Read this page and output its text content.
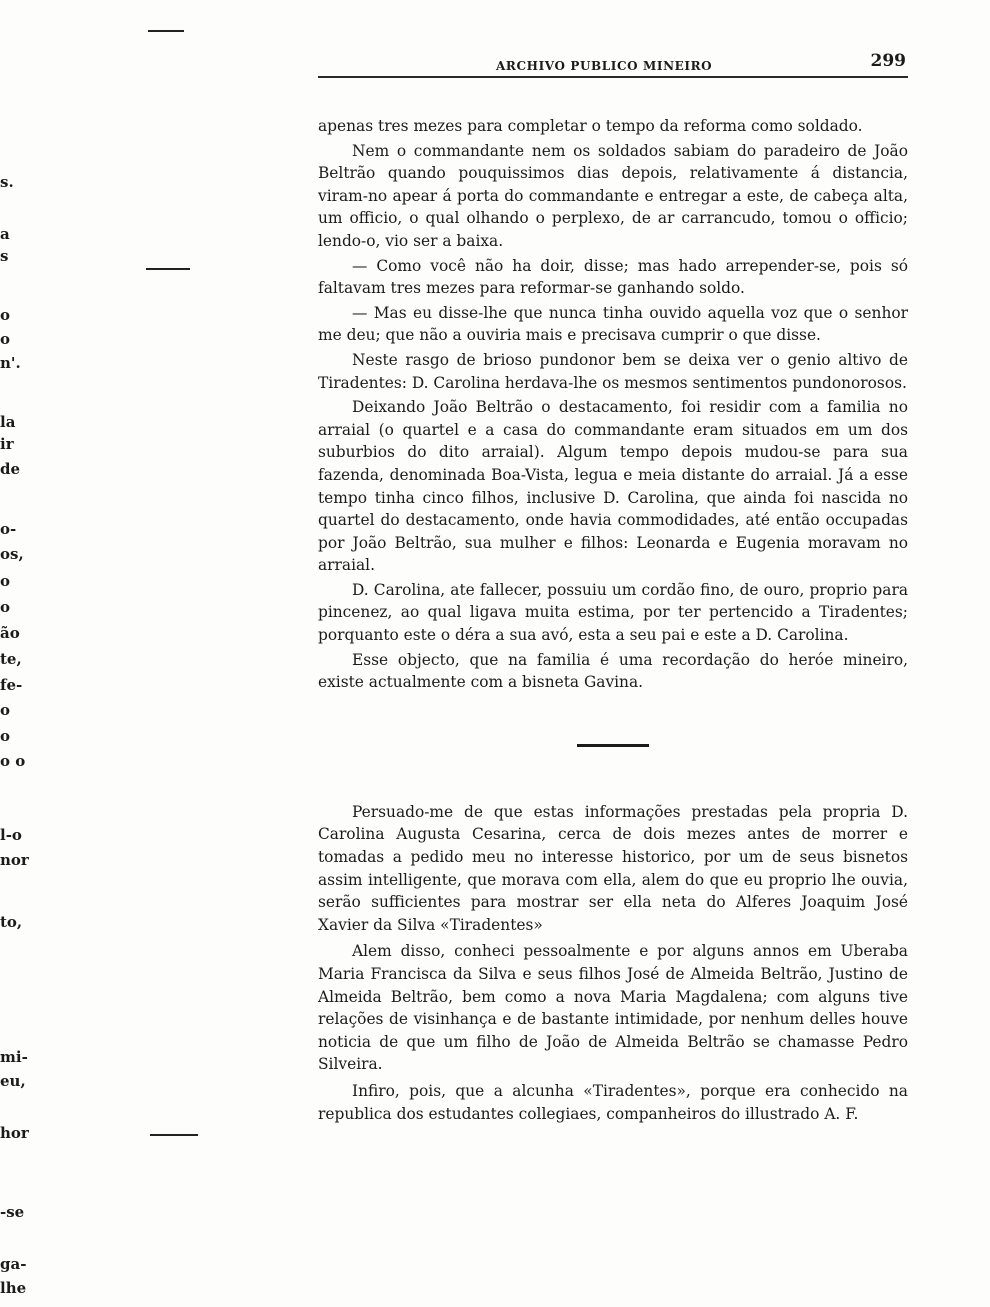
s.
a
s
o
o
n'.
la
ir
de
o-
os,
o
o
ão
te,
fe-
o
o
o o
l-o
nor
to,
mi-
eu,
hor
-se
ga-
lhe
ARCHIVO PUBLICO MINEIRO	299

apenas tres mezes para completar o tempo da reforma como soldado.

Nem o commandante nem os soldados sabiam do paradeiro de João Beltrão quando pouquissimos dias depois, relativamente á distancia, viram-no apear á porta do commandante e entregar a este, de cabeça alta, um officio, o qual olhando o perplexo, de ar carrancudo, tomou o officio; lendo-o, vio ser a baixa.

— Como você não ha doir, disse; mas hado arrepender-se, pois só faltavam tres mezes para reformar-se ganhando soldo.

— Mas eu disse-lhe que nunca tinha ouvido aquella voz que o senhor me deu; que não a ouviria mais e precisava cumprir o que disse.

Neste rasgo de brioso pundonor bem se deixa ver o genio altivo de Tiradentes: D. Carolina herdava-lhe os mesmos sentimentos pundonorosos.

Deixando João Beltrão o destacamento, foi residir com a familia no arraial (o quartel e a casa do commandante eram situados em um dos suburbios do dito arraial). Algum tempo depois mudou-se para sua fazenda, denominada Boa-Vista, legua e meia distante do arraial. Já a esse tempo tinha cinco filhos, inclusive D. Carolina, que ainda foi nascida no quartel do destacamento, onde havia commodidades, até então occupadas por João Beltrão, sua mulher e filhos: Leonarda e Eugenia moravam no arraial.

D. Carolina, ate fallecer, possuiu um cordão fino, de ouro, proprio para pincenez, ao qual ligava muita estima, por ter pertencido a Tiradentes; porquanto este o déra a sua avó, esta a seu pai e este a D. Carolina.

Esse objecto, que na familia é uma recordação do heróe mineiro, existe actualmente com a bisneta Gavina.

Persuado-me de que estas informações prestadas pela propria D. Carolina Augusta Cesarina, cerca de dois mezes antes de morrer e tomadas a pedido meu no interesse historico, por um de seus bisnetos assim intelligente, que morava com ella, alem do que eu proprio lhe ouvia, serão sufficientes para mostrar ser ella neta do Alferes Joaquim José Xavier da Silva «Tiradentes»

Alem disso, conheci pessoalmente e por alguns annos em Uberaba Maria Francisca da Silva e seus filhos José de Almeida Beltrão, Justino de Almeida Beltrão, bem como a nova Maria Magdalena; com alguns tive relações de visinhança e de bastante intimidade, por nenhum delles houve noticia de que um filho de João de Almeida Beltrão se chamasse Pedro Silveira.

Infiro, pois, que a alcunha «Tiradentes», porque era conhecido na republica dos estudantes collegiaes, companheiros do illustrado A. F.
